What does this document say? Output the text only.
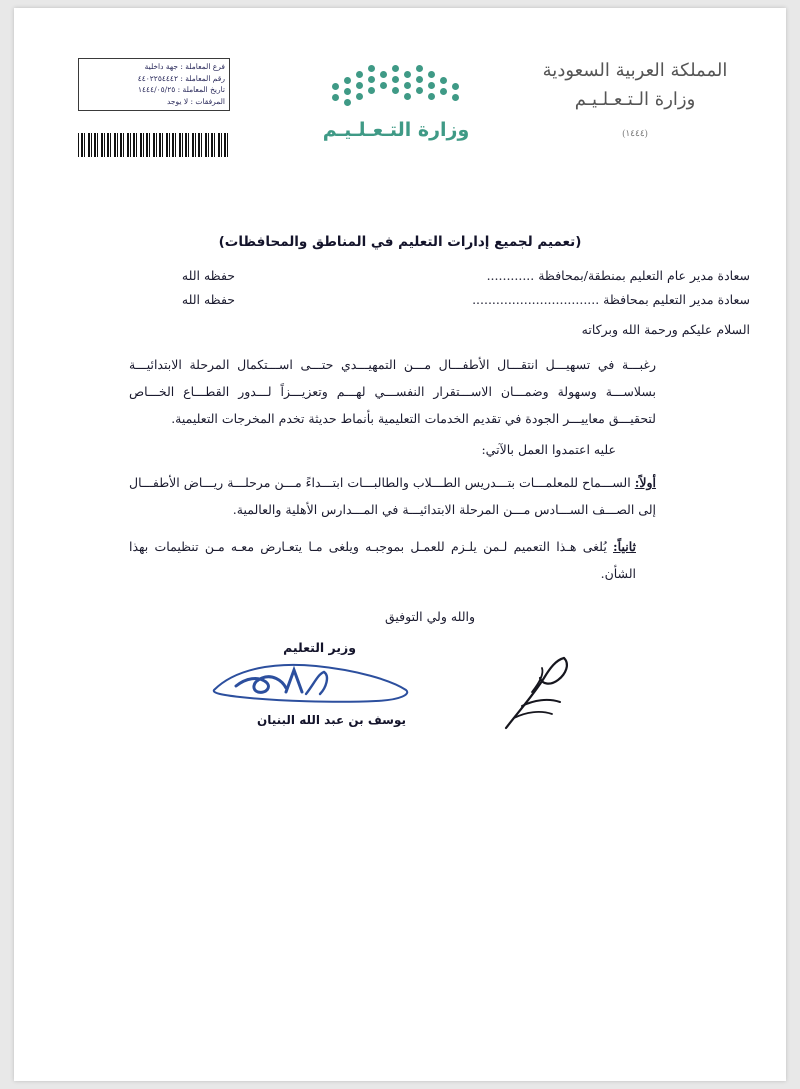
فرع المعاملة : جهة داخلية
رقم المعاملة : ٤٤٠٢٢٥٤٤٤٢
تاريخ المعاملة : ١٤٤٤/٠٥/٢٥
المرفقات : لا يوجد
وزارة التـعـلـيـم
المملكة العربية السعودية
وزارة الـتـعـلـيـم
(١٤٤٤)
(تعميم لجميع إدارات التعليم في المناطق والمحافظات)
سعادة مدير عام التعليم بمنطقة/بمحافظة ............
حفظه الله
سعادة مدير التعليم بمحافظة ................................
حفظه الله
السلام عليكم ورحمة الله وبركاته
رغبـــة في تسهيـــل انتقـــال الأطفـــال مـــن التمهيـــدي حتـــى اســـتكمال المرحلة الابتدائيـــة بسلاســـة وسهولة وضمـــان الاســـتقرار النفســـي لهـــم وتعزيـــزاً لـــدور القطـــاع الخـــاص لتحقيـــق معاييـــر الجودة في تقديم الخدمات التعليمية بأنماط حديثة تخدم المخرجات التعليمية.
عليه اعتمدوا العمل بالآتي:
أولاً: الســـماح للمعلمـــات بتـــدريس الطـــلاب والطالبـــات ابتـــداءً مـــن مرحلـــة ريـــاض الأطفـــال إلى الصـــف الســـادس مـــن المرحلة الابتدائيـــة في المـــدارس الأهلية والعالمية.
ثانياً: يُلغى هـذا التعميم لـمن يلـزم للعمـل بموجبـه ويلغى مـا يتعـارض معـه مـن تنظيمات بهذا الشأن.
والله ولي التوفيق
وزير التعليم
يوسف بن عبد الله البنيان
